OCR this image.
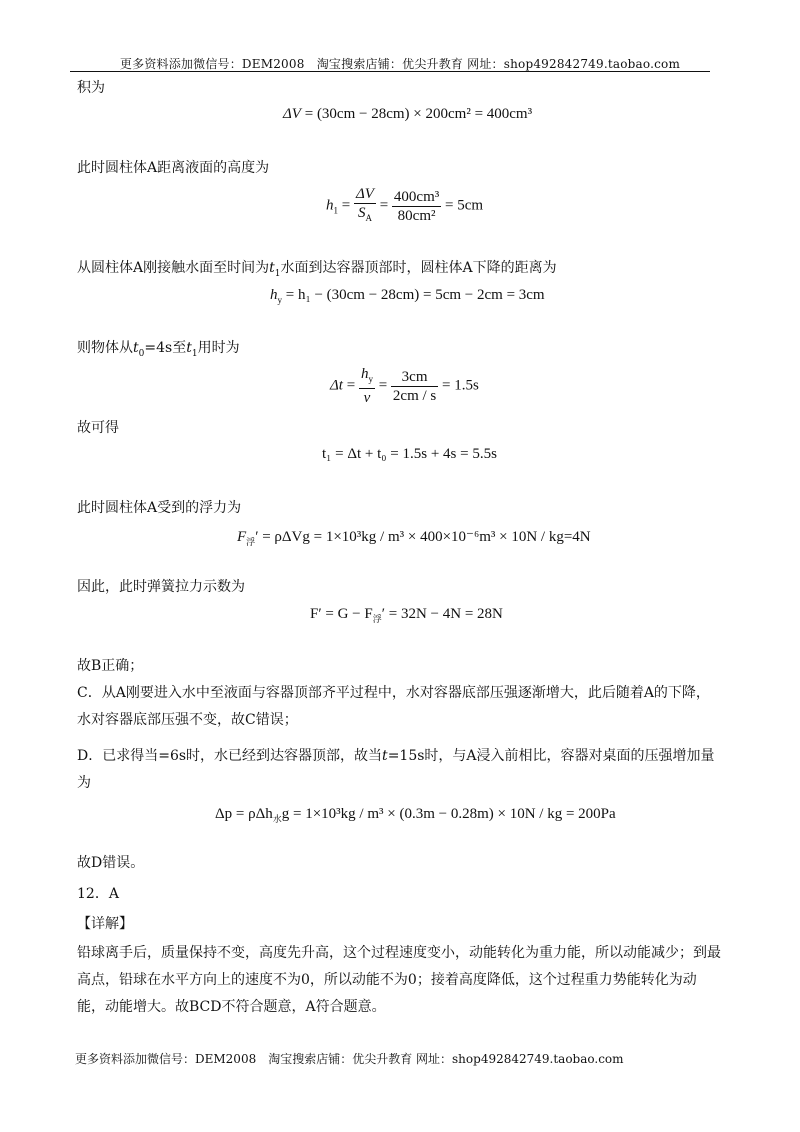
更多资料添加微信号：DEM2008　淘宝搜索店铺：优尖升教育 网址：shop492842749.taobao.com
积为
ΔV = (30cm − 28cm) × 200cm² = 400cm³
此时圆柱体A距离液面的高度为
$h_1 = \frac{\Delta V}{S_A} = \frac{\text{400cm³}}{\text{80cm²}} = 5cm$
从圆柱体A刚接触水面至时间为$t_1$水面到达容器顶部时，圆柱体A下降的距离为
$h_y = h_1 - (30cm - 28cm) = 5cm - 2cm = 3cm$
则物体从$t_0=4s$至$t_1$用时为
$\Delta t = \frac{h_y}{v} = \frac{3cm}{2cm / s} = 1.5s$
故可得
t₁ = Δt + t₀ = 1.5s + 4s = 5.5s
此时圆柱体A受到的浮力为
$F_浮' = \rho\Delta Vg = 1\times 10^3kg / m^3 \times 400\times 10^{-6}m^3 \times 10N / kg=4N$
因此，此时弹簧拉力示数为
$F' = G - F_浮' = 32N - 4N = 28N$
故B正确；
C．从A刚要进入水中至液面与容器顶部齐平过程中，水对容器底部压强逐渐增大，此后随着A的下降，水对容器底部压强不变，故C错误；
D．已求得当=6s时，水已经到达容器顶部，故当t=15s时，与A浸入前相比，容器对桌面的压强增加量为
Δp = ρΔh$_水$g = 1×10³kg / m³ × (0.3m − 0.28m) × 10N / kg = 200Pa
故D错误。
12．A
【详解】
铅球离手后，质量保持不变，高度先升高，这个过程速度变小，动能转化为重力能，所以动能减少；到最高点，铅球在水平方向上的速度不为0，所以动能不为0；接着高度降低，这个过程重力势能转化为动能，动能增大。故BCD不符合题意，A符合题意。
更多资料添加微信号：DEM2008　淘宝搜索店铺：优尖升教育 网址：shop492842749.taobao.com
